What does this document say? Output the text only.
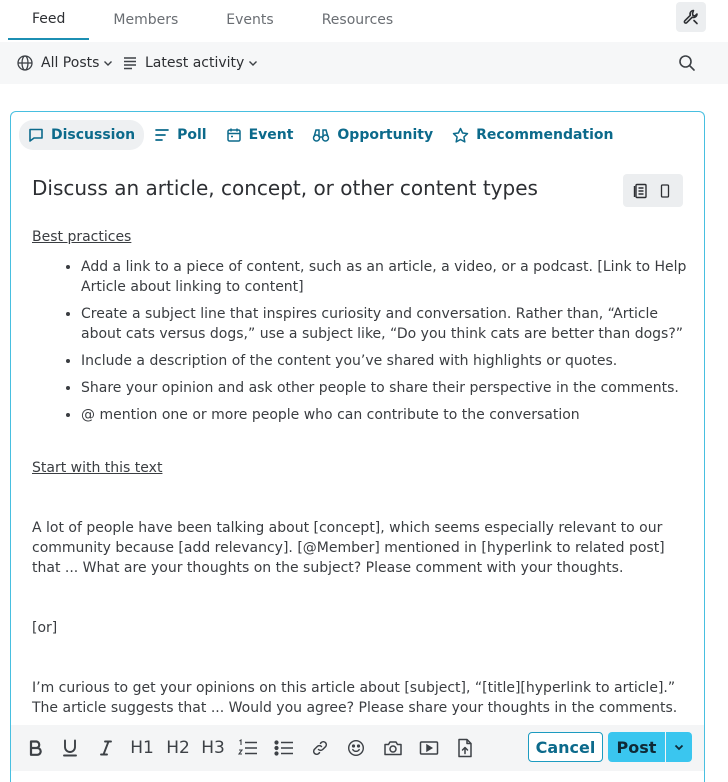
Feed	Members	Events	Resources
All Posts	Latest activity
Discussion	Poll	Event	Opportunity	Recommendation
Discuss an article, concept, or other content types
Best practices
• Add a link to a piece of content, such as an article, a video, or a podcast. [Link to Help Article about linking to content]
• Create a subject line that inspires curiosity and conversation. Rather than, “Article about cats versus dogs,” use a subject like, “Do you think cats are better than dogs?”
• Include a description of the content you’ve shared with highlights or quotes.
• Share your opinion and ask other people to share their perspective in the comments.
• @ mention one or more people who can contribute to the conversation
Start with this text
A lot of people have been talking about [concept], which seems especially relevant to our community because [add relevancy]. [@Member] mentioned in [hyperlink to related post] that ... What are your thoughts on the subject? Please comment with your thoughts.
[or]
I’m curious to get your opinions on this article about [subject], “[title][hyperlink to article].” The article suggests that ... Would you agree? Please share your thoughts in the comments.
H1 H2 H3	Cancel	Post
